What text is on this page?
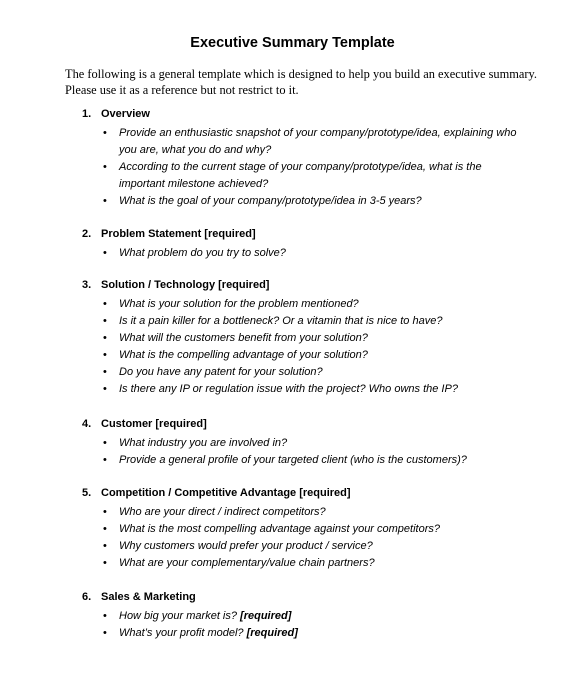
Executive Summary Template
The following is a general template which is designed to help you build an executive summary.
Please use it as a reference but not restrict to it.
1. Overview
• Provide an enthusiastic snapshot of your company/prototype/idea, explaining who
you are, what you do and why?
• According to the current stage of your company/prototype/idea, what is the
important milestone achieved?
• What is the goal of your company/prototype/idea in 3-5 years?
2. Problem Statement [required]
• What problem do you try to solve?
3. Solution / Technology [required]
• What is your solution for the problem mentioned?
• Is it a pain killer for a bottleneck? Or a vitamin that is nice to have?
• What will the customers benefit from your solution?
• What is the compelling advantage of your solution?
• Do you have any patent for your solution?
• Is there any IP or regulation issue with the project? Who owns the IP?
4. Customer [required]
• What industry you are involved in?
• Provide a general profile of your targeted client (who is the customers)?
5. Competition / Competitive Advantage [required]
• Who are your direct / indirect competitors?
• What is the most compelling advantage against your competitors?
• Why customers would prefer your product / service?
• What are your complementary/value chain partners?
6. Sales & Marketing
• How big your market is? [required]
• What’s your profit model? [required]
